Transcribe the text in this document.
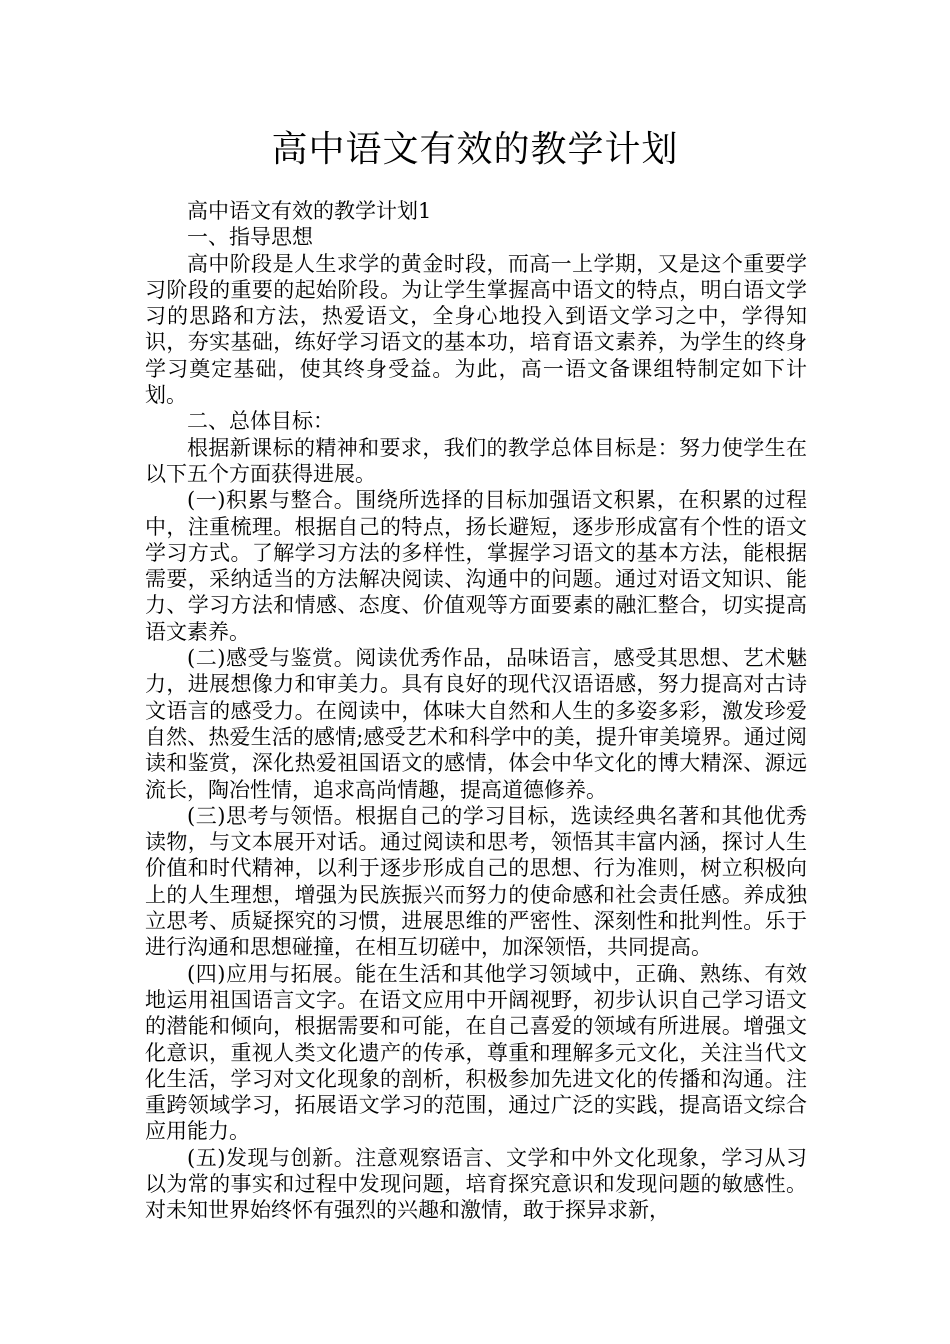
高中语文有效的教学计划

高中语文有效的教学计划1

一、指导思想

高中阶段是人生求学的黄金时段，而高一上学期，又是这个重要学习阶段的重要的起始阶段。为让学生掌握高中语文的特点，明白语文学习的思路和方法，热爱语文，全身心地投入到语文学习之中，学得知识，夯实基础，练好学习语文的基本功，培育语文素养，为学生的终身学习奠定基础，使其终身受益。为此，高一语文备课组特制定如下计划。

二、总体目标：

根据新课标的精神和要求，我们的教学总体目标是：努力使学生在以下五个方面获得进展。

(一)积累与整合。围绕所选择的目标加强语文积累，在积累的过程中，注重梳理。根据自己的特点，扬长避短，逐步形成富有个性的语文学习方式。了解学习方法的多样性，掌握学习语文的基本方法，能根据需要，采纳适当的方法解决阅读、沟通中的问题。通过对语文知识、能力、学习方法和情感、态度、价值观等方面要素的融汇整合，切实提高语文素养。

(二)感受与鉴赏。阅读优秀作品，品味语言，感受其思想、艺术魅力，进展想像力和审美力。具有良好的现代汉语语感，努力提高对古诗文语言的感受力。在阅读中，体味大自然和人生的多姿多彩，激发珍爱自然、热爱生活的感情;感受艺术和科学中的美，提升审美境界。通过阅读和鉴赏，深化热爱祖国语文的感情，体会中华文化的博大精深、源远流长，陶冶性情，追求高尚情趣，提高道德修养。

(三)思考与领悟。根据自己的学习目标，选读经典名著和其他优秀读物，与文本展开对话。通过阅读和思考，领悟其丰富内涵，探讨人生价值和时代精神，以利于逐步形成自己的思想、行为准则，树立积极向上的人生理想，增强为民族振兴而努力的使命感和社会责任感。养成独立思考、质疑探究的习惯，进展思维的严密性、深刻性和批判性。乐于进行沟通和思想碰撞，在相互切磋中，加深领悟，共同提高。

(四)应用与拓展。能在生活和其他学习领域中，正确、熟练、有效地运用祖国语言文字。在语文应用中开阔视野，初步认识自己学习语文的潜能和倾向，根据需要和可能，在自己喜爱的领域有所进展。增强文化意识，重视人类文化遗产的传承，尊重和理解多元文化，关注当代文化生活，学习对文化现象的剖析，积极参加先进文化的传播和沟通。注重跨领域学习，拓展语文学习的范围，通过广泛的实践，提高语文综合应用能力。

(五)发现与创新。注意观察语言、文学和中外文化现象，学习从习以为常的事实和过程中发现问题，培育探究意识和发现问题的敏感性。对未知世界始终怀有强烈的兴趣和激情，敢于探异求新，
